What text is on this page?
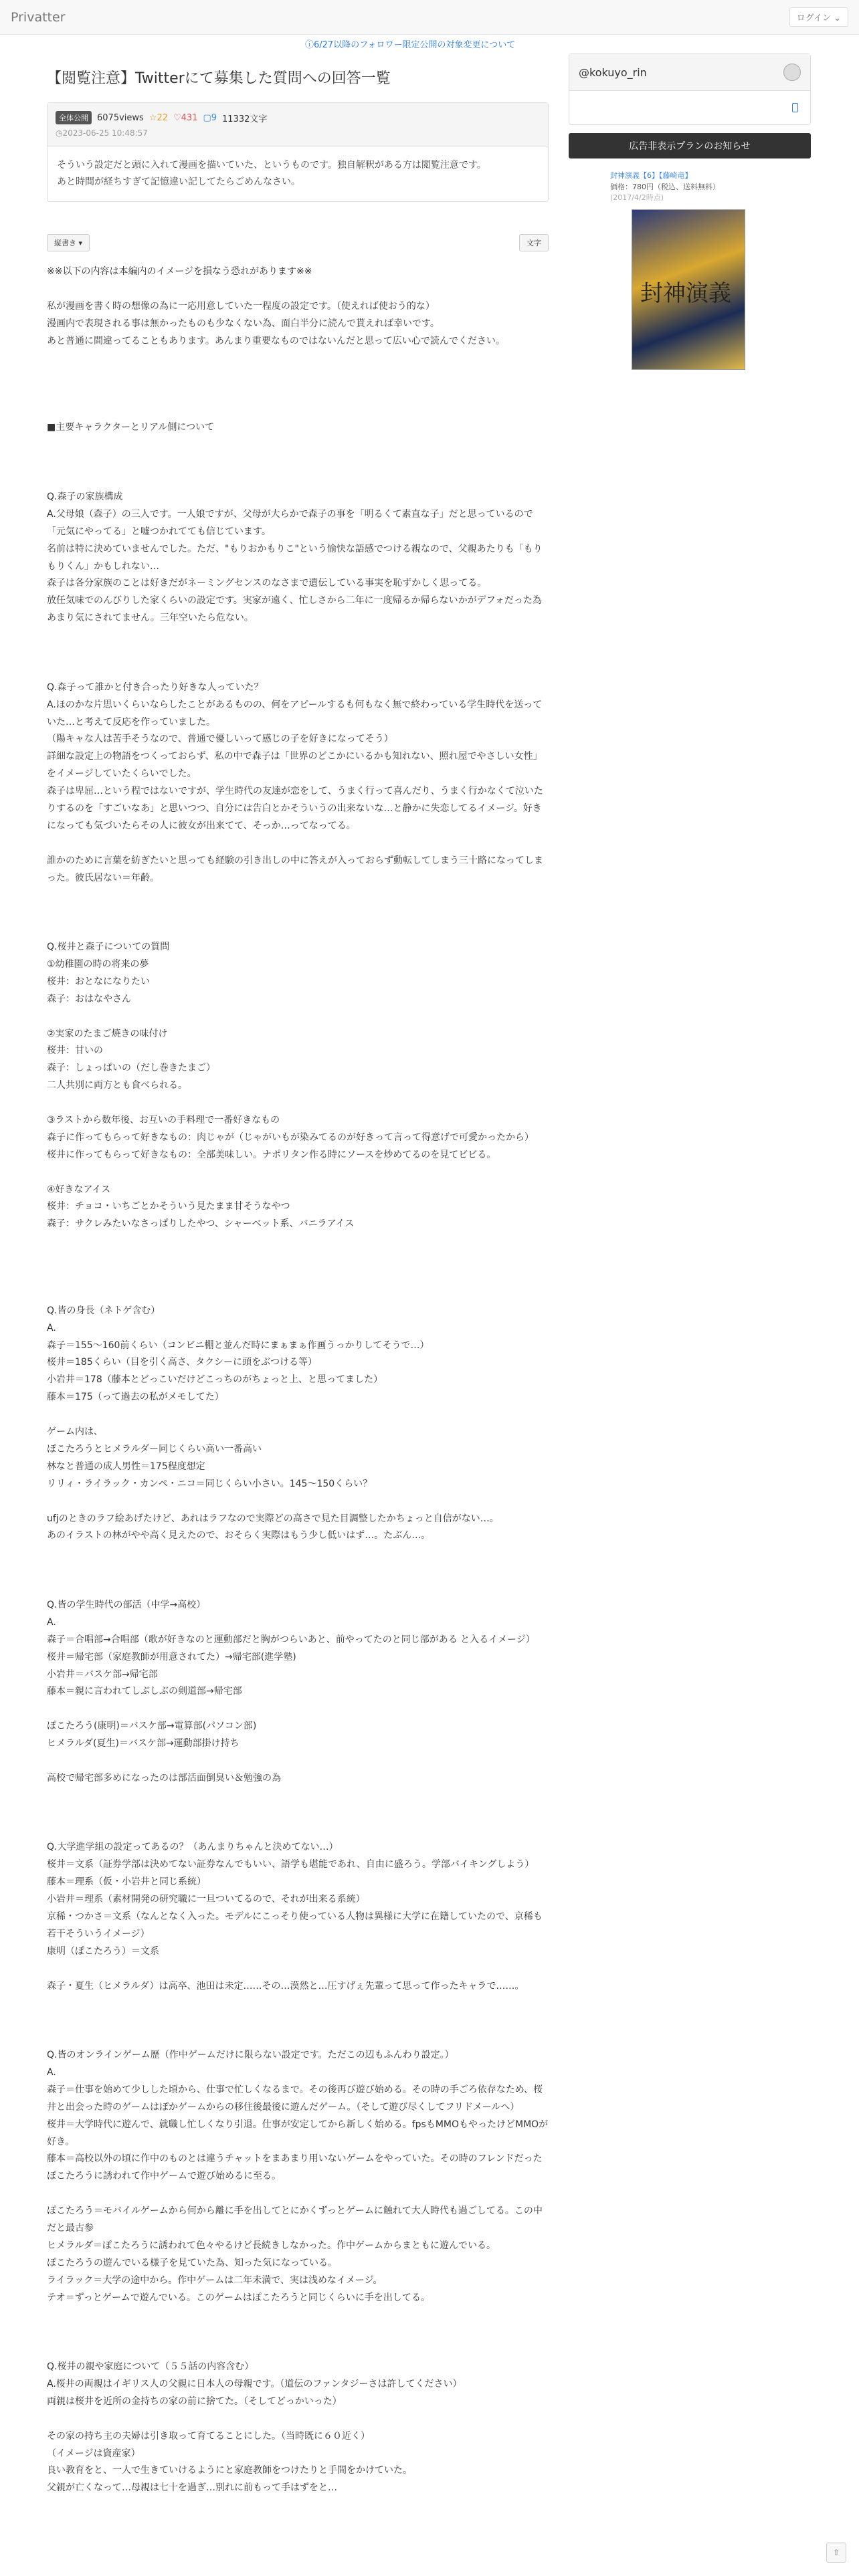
Privatter	ログイン ⌄
ⓘ6/27以降のフォロワー限定公開の対象変更について
【閲覧注意】Twitterにて募集した質問への回答一覧
全体公開	6075views ☆22 ♡431 ▢9 11332文字
◷2023-06-25 10:48:57
そういう設定だと頭に入れて漫画を描いていた、というものです。独自解釈がある方は閲覧注意です。
あと時間が経ちすぎて記憶違い記してたらごめんなさい。
縦書き ▾	文字
※※以下の内容は本編内のイメージを損なう恐れがあります※※

私が漫画を書く時の想像の為に一応用意していた一程度の設定です。（使えれば使おう的な）
漫画内で表現される事は無かったものも少なくない為、面白半分に読んで貰えれば幸いです。
あと普通に間違ってることもあります。あんまり重要なものではないんだと思って広い心で読んでください。

■主要キャラクターとリアル側について

Q.森子の家族構成
A.父母娘（森子）の三人です。一人娘ですが、父母が大らかで森子の事を「明るくて素直な子」だと思っているので「元気にやってる」と嘘つかれてても信じています。
名前は特に決めていませんでした。ただ、"もりおかもりこ"という愉快な語感でつける親なので、父親あたりも「もりもりくん」かもしれない…
森子は各分家族のことは好きだがネーミングセンスのなさまで遺伝している事実を恥ずかしく思ってる。
放任気味でのんびりした家くらいの設定です。実家が遠く、忙しさから二年に一度帰るか帰らないかがデフォだった為あまり気にされてません。三年空いたら危ない。

Q.森子って誰かと付き合ったり好きな人っていた？
A.ほのかな片思いくらいならしたことがあるものの、何をアピールするも何もなく無で終わっている学生時代を送っていた…と考えて反応を作っていました。
（陽キャな人は苦手そうなので、普通で優しいって感じの子を好きになってそう）
詳細な設定上の物語をつくっておらず、私の中で森子は「世界のどこかにいるかも知れない、照れ屋でやさしい女性」をイメージしていたくらいでした。
森子は卑屈…という程ではないですが、学生時代の友達が恋をして、うまく行って喜んだり、うまく行かなくて泣いたりするのを「すごいなあ」と思いつつ、自分には告白とかそういうの出来ないな…と静かに失恋してるイメージ。好きになっても気づいたらその人に彼女が出来てて、そっか…ってなってる。

誰かのために言葉を紡ぎたいと思っても経験の引き出しの中に答えが入っておらず動転してしまう三十路になってしまった。彼氏居ない＝年齢。

Q.桜井と森子についての質問
①幼稚園の時の将来の夢
桜井：おとなになりたい
森子：おはなやさん

②実家のたまご焼きの味付け
桜井：甘いの
森子：しょっぱいの（だし巻きたまご）
二人共別に両方とも食べられる。

③ラストから数年後、お互いの手料理で一番好きなもの
森子に作ってもらって好きなもの：肉じゃが（じゃがいもが染みてるのが好きって言って得意げで可愛かったから）
桜井に作ってもらって好きなもの：全部美味しい。ナポリタン作る時にソースを炒めてるのを見てビビる。

④好きなアイス
桜井：チョコ・いちごとかそういう見たまま甘そうなやつ
森子：サクレみたいなさっぱりしたやつ、シャーベット系、バニラアイス

Q.皆の身長（ネトゲ含む）
A.
森子＝155～160前くらい（コンビニ棚と並んだ時にまぁまぁ作画うっかりしてそうで…）
桜井＝185くらい（目を引く高さ、タクシーに頭をぶつける等）
小岩井＝178（藤本とどっこいだけどこっちのがちょっと上、と思ってました）
藤本＝175（って過去の私がメモしてた）

ゲーム内は、
ぽこたろうとヒメラルダー同じくらい高い一番高い
林なと普通の成人男性＝175程度想定
リリィ・ライラック・カンペ・ニコ＝同じくらい小さい。145～150くらい？

ufjのときのラフ絵あげたけど、あれはラフなので実際どの高さで見た目調整したかちょっと自信がない…。
あのイラストの林がやや高く見えたので、おそらく実際はもう少し低いはず…。たぶん…。

Q.皆の学生時代の部活（中学→高校）
A.
森子＝合唱部→合唱部（歌が好きなのと運動部だと胸がつらいあと、前やってたのと同じ部がある と入るイメージ）
桜井＝帰宅部（家庭教師が用意されてた）→帰宅部(進学塾)
小岩井＝バスケ部→帰宅部
藤本＝親に言われてしぶしぶの剣道部→帰宅部

ぽこたろう(康明)＝バスケ部→電算部(パソコン部)
ヒメラルダ(夏生)＝バスケ部→運動部掛け持ち

高校で帰宅部多めになったのは部活面倒臭い＆勉強の為

Q.大学進学組の設定ってあるの？（あんまりちゃんと決めてない…）
桜井＝文系（証券学部は決めてない証券なんでもいい、語学も堪能であれ、自由に盛ろう。学部バイキングしよう）
藤本＝理系（仮・小岩井と同じ系統）
小岩井＝理系（素材開発の研究職に一旦ついてるので、それが出来る系統）
京稀・つかさ＝文系（なんとなく入った。モデルにこっそり使っている人物は異様に大学に在籍していたので、京稀も若干そういうイメージ）
康明（ぽこたろう）＝文系

森子・夏生（ヒメラルダ）は高卒、池田は未定……その…漠然と…圧すげぇ先輩って思って作ったキャラで……。

Q.皆のオンラインゲーム歴（作中ゲームだけに限らない設定です。ただこの辺もふんわり設定。）
A.
森子＝仕事を始めて少しした頃から、仕事で忙しくなるまで。その後再び遊び始める。その時の手ごろ依存なため、桜井と出会った時のゲームはぽかゲームからの移住後最後に遊んだゲーム。（そして遊び尽くしてフリドメールへ）
桜井＝大学時代に遊んで、就職し忙しくなり引退。仕事が安定してから新しく始める。fpsもMMOもやったけどMMOが好き。
藤本＝高校以外の頃に作中のものとは違うチャットをまあまり用いないゲームをやっていた。その時のフレンドだったぽこたろうに誘われて作中ゲームで遊び始めるに至る。

ぽこたろう＝モバイルゲームから何から離に手を出してとにかくずっとゲームに触れて大人時代も過ごしてる。この中だと最古参
ヒメラルダ＝ぽこたろうに誘われて色々やるけど長続きしなかった。作中ゲームからまともに遊んでいる。
ぽこたろうの遊んでいる様子を見ていた為、知った気になっている。
ライラック＝大学の途中から。作中ゲームは二年未満で、実は浅めなイメージ。
テオ＝ずっとゲームで遊んでいる。このゲームはぽこたろうと同じくらいに手を出してる。

Q.桜井の親や家庭について（５５話の内容含む）
A.桜井の両親はイギリス人の父親に日本人の母親です。（道伝のファンタジーさは許してください）
両親は桜井を近所の金持ちの家の前に捨てた。（そしてどっかいった）

その家の持ち主の夫婦は引き取って育てることにした。（当時既に６０近く）
（イメージは資産家）
良い教育をと、一人で生きていけるようにと家庭教師をつけたりと手間をかけていた。
父親が亡くなって…母親は七十を過ぎ…別れに前もって手はずをと…
@kokuyo_rin
広告非表示プランのお知らせ
封神演義【6】【藤崎竜】
価格：780円（税込、送料無料）
(2017/4/2時点)
封神演義
⇧
